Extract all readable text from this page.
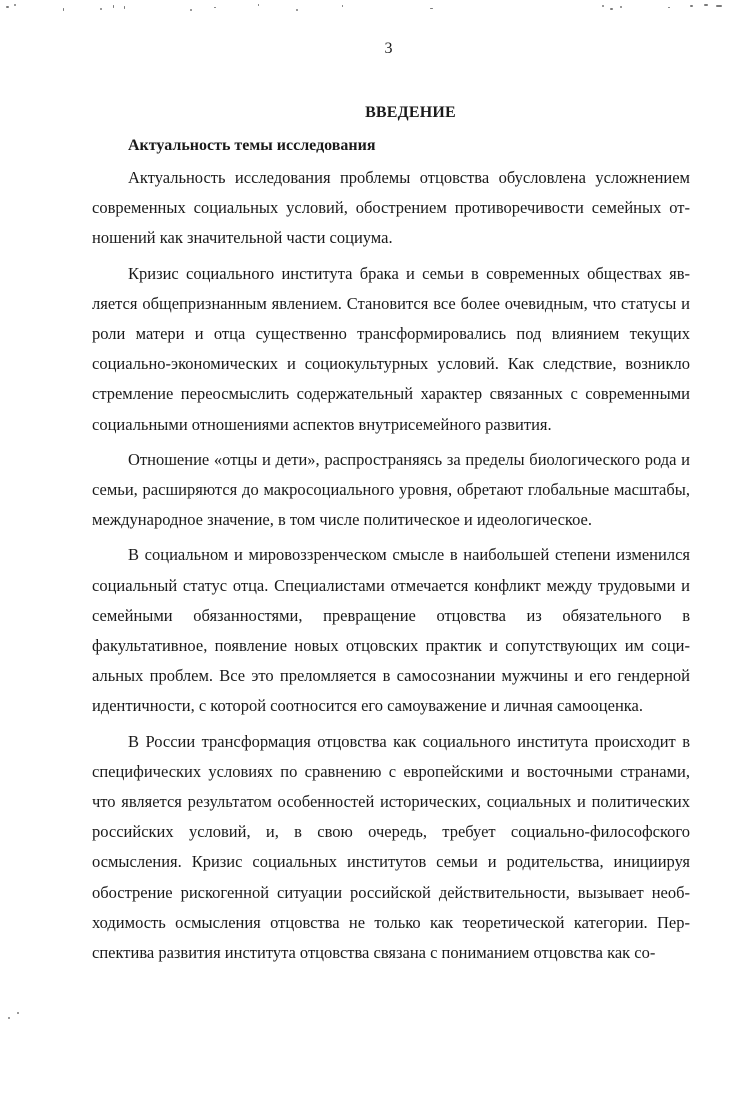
3
ВВЕДЕНИЕ
Актуальность темы исследования

Актуальность исследования проблемы отцовства обусловлена усложнением современных социальных условий, обострением противоречивости семейных отношений как значительной части социума.

Кризис социального института брака и семьи в современных обществах является общепризнанным явлением. Становится все более очевидным, что статусы и роли матери и отца существенно трансформировались под влиянием текущих социально-экономических и социокультурных условий. Как следствие, возникло стремление переосмыслить содержательный характер связанных с современными социальными отношениями аспектов внутрисемейного развития.

Отношение «отцы и дети», распространяясь за пределы биологического рода и семьи, расширяются до макросоциального уровня, обретают глобальные масштабы, международное значение, в том числе политическое и идеологическое.

В социальном и мировоззренческом смысле в наибольшей степени изменился социальный статус отца. Специалистами отмечается конфликт между трудовыми и семейными обязанностями, превращение отцовства из обязательного в факультативное, появление новых отцовских практик и сопутствующих им социальных проблем. Все это преломляется в самосознании мужчины и его гендерной идентичности, с которой соотносится его самоуважение и личная самооценка.

В России трансформация отцовства как социального института происходит в специфических условиях по сравнению с европейскими и восточными странами, что является результатом особенностей исторических, социальных и политических российских условий, и, в свою очередь, требует социально-философского осмысления. Кризис социальных институтов семьи и родительства, инициируя обострение рискогенной ситуации российской действительности, вызывает необходимость осмысления отцовства не только как теоретической категории. Перспектива развития института отцовства связана с пониманием отцовства как со-
